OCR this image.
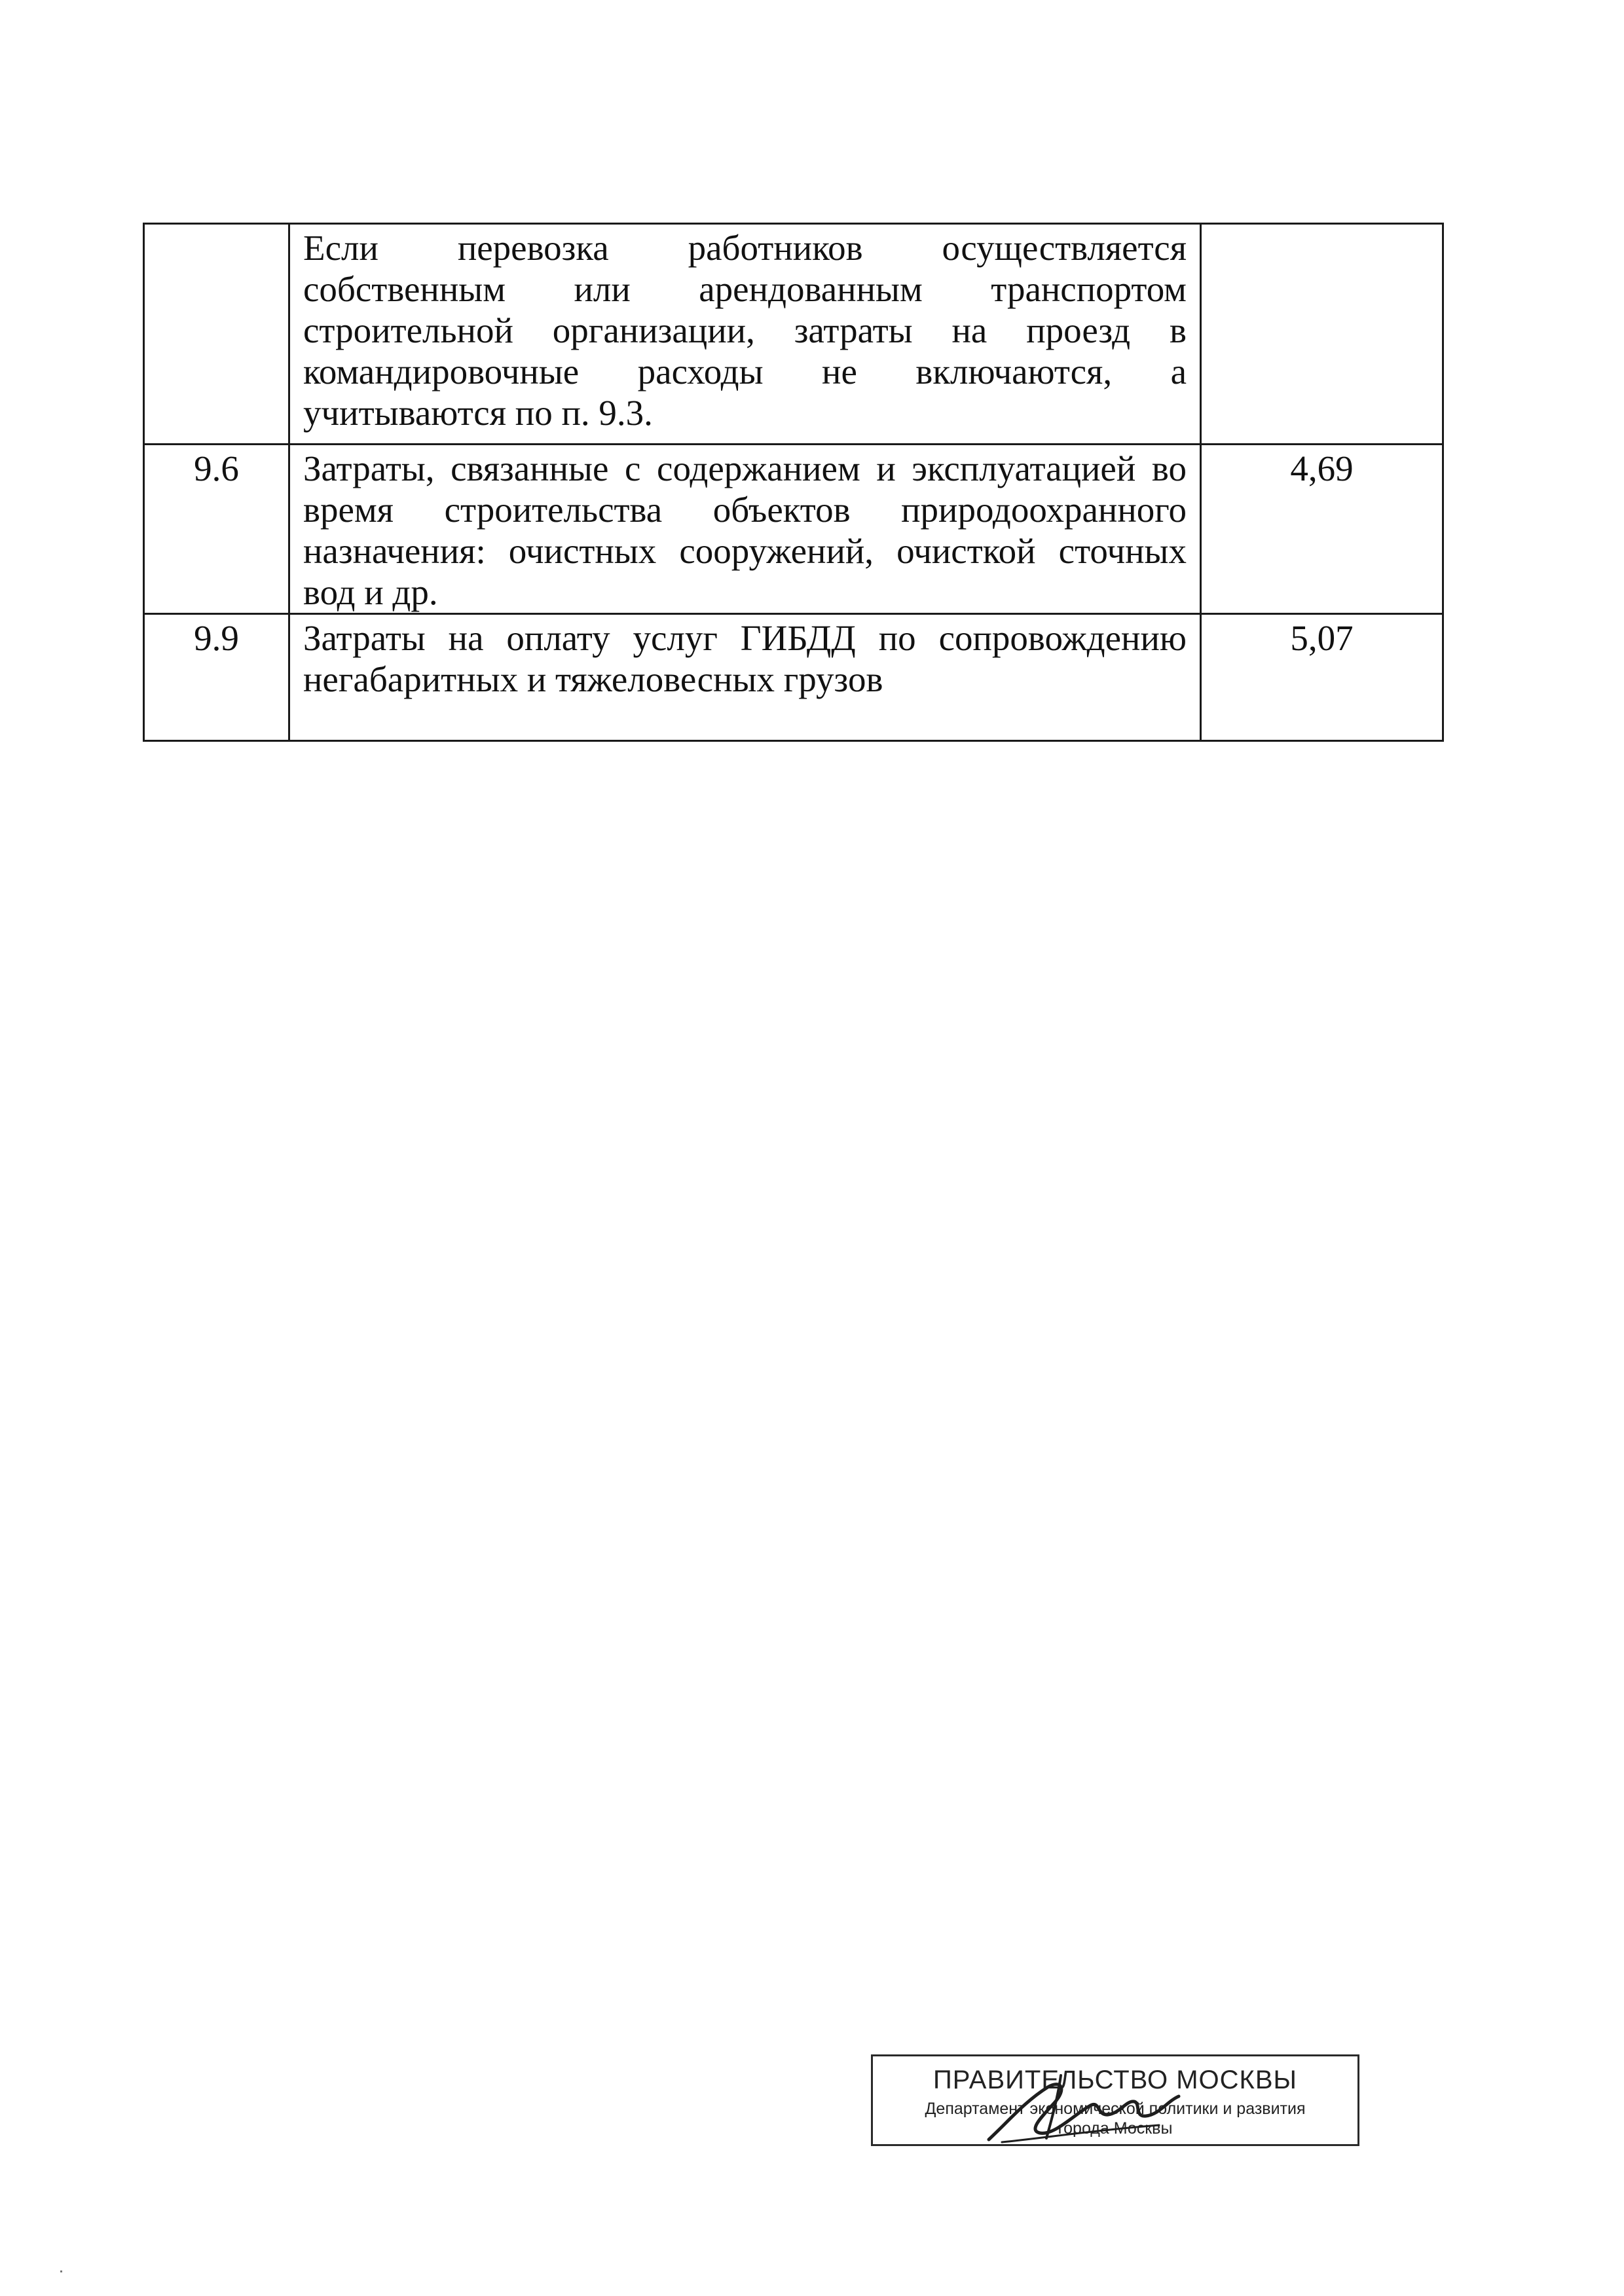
	Если перевозка работников осуществляется собственным или арендованным транспортом строительной организации, затраты на проезд в командировочные расходы не включаются, а учитываются по п. 9.3.	
9.6	Затраты, связанные с содержанием и эксплуатацией во время строительства объектов природоохранного назначения: очистных сооружений, очисткой сточных вод и др.	4,69
9.9	Затраты на оплату услуг ГИБДД по сопровождению негабаритных и тяжеловесных грузов	5,07
ПРАВИТЕЛЬСТВО МОСКВЫ
Департамент экономической политики и развития
города Москвы
